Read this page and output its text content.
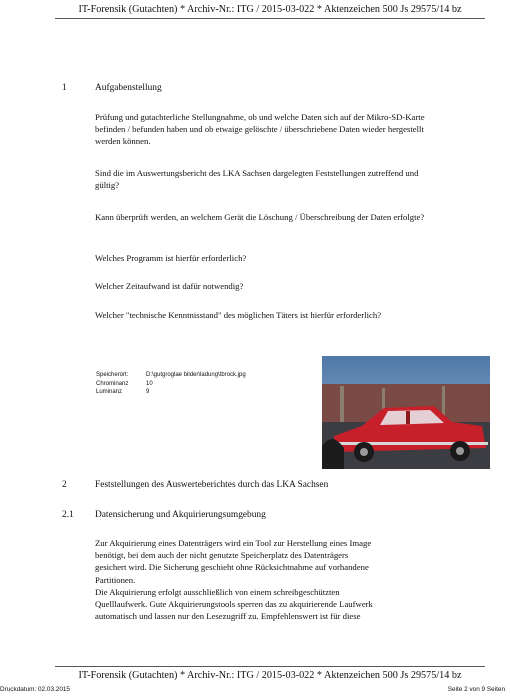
IT-Forensik (Gutachten) * Archiv-Nr.: ITG / 2015-03-022 * Aktenzeichen 500 Js 29575/14 bz
1	Aufgabenstellung
Prüfung und gutachterliche Stellungnahme, ob und welche Daten sich auf der Mikro-SD-Karte befinden / befunden haben und ob etwaige gelöschte / überschriebene Daten wieder hergestellt werden können.
Sind die im Auswertungsbericht des LKA Sachsen dargelegten Feststellungen zutreffend und gültig?
Kann überprüft werden, an welchem Gerät die Löschung / Überschreibung der Daten erfolgte?
Welches Programm ist hierfür erforderlich?
Welcher Zeitaufwand ist dafür notwendig?
Welcher "technische Kenntnisstand" des möglichen Täters ist hierfür erforderlich?
Speicherort:	D:\gutgroglae bilder\ladung\tbrock.jpg
Chrominanz	10
Luminanz	9
2	Feststellungen des Auswerteberichtes durch das LKA Sachsen
2.1 Datensicherung und Akquirierungsumgebung
Zur Akquirierung eines Datenträgers wird ein Tool zur Herstellung eines Image
benötigt, bei dem auch der nicht genutzte Speicherplatz des Datenträgers
gesichert wird. Die Sicherung geschieht ohne Rücksichtnahme auf vorhandene
Partitionen.
Die Akquirierung erfolgt ausschließlich von einem schreibgeschützten
Quelllaufwerk. Gute Akquirierungstools sperren das zu akquirierende Laufwerk
automatisch und lassen nur den Lesezugriff zu. Empfehlenswert ist für diese
IT-Forensik (Gutachten) * Archiv-Nr.: ITG / 2015-03-022 * Aktenzeichen 500 Js 29575/14 bz
Druckdatum: 02.03.2015	Seite 2 von 9 Seiten
